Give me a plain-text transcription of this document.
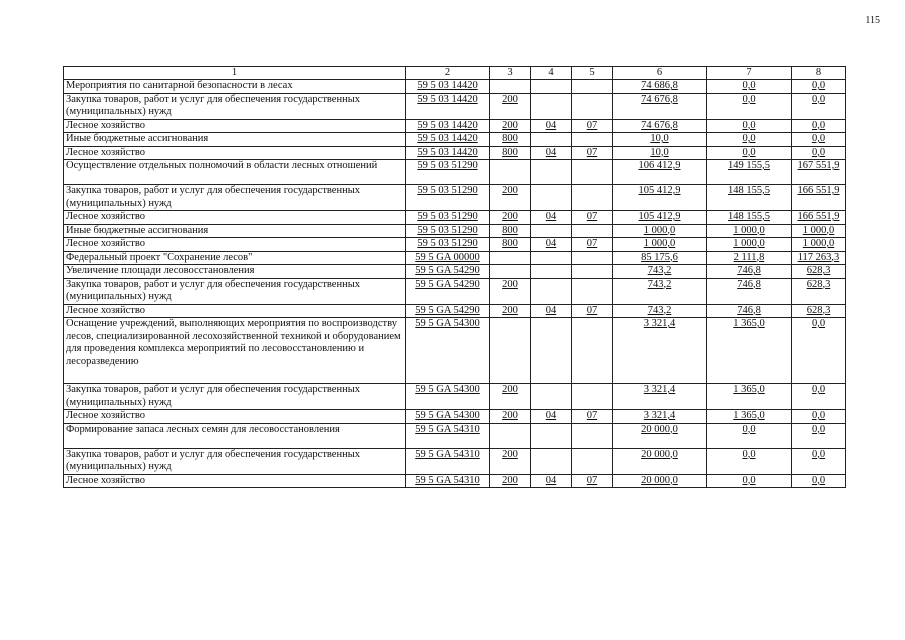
115
1	2	3	4	5	6	7	8
Мероприятия по санитарной безопасности в лесах	59 5 03 14420				74 686,8	0,0	0,0
Закупка товаров, работ и услуг для обеспечения государственных (муниципальных) нужд	59 5 03 14420	200			74 676,8	0,0	0,0
Лесное хозяйство	59 5 03 14420	200	04	07	74 676,8	0,0	0,0
Иные бюджетные ассигнования	59 5 03 14420	800			10,0	0,0	0,0
Лесное хозяйство	59 5 03 14420	800	04	07	10,0	0,0	0,0
Осуществление отдельных полномочий в области лесных отношений	59 5 03 51290				106 412,9	149 155,5	167 551,9
Закупка товаров, работ и услуг для обеспечения государственных (муниципальных) нужд	59 5 03 51290	200			105 412,9	148 155,5	166 551,9
Лесное хозяйство	59 5 03 51290	200	04	07	105 412,9	148 155,5	166 551,9
Иные бюджетные ассигнования	59 5 03 51290	800			1 000,0	1 000,0	1 000,0
Лесное хозяйство	59 5 03 51290	800	04	07	1 000,0	1 000,0	1 000,0
Федеральный проект "Сохранение лесов"	59 5 GA 00000				85 175,6	2 111,8	117 263,3
Увеличение площади лесовосстановления	59 5 GA 54290				743,2	746,8	628,3
Закупка товаров, работ и услуг для обеспечения государственных (муниципальных) нужд	59 5 GA 54290	200			743,2	746,8	628,3
Лесное хозяйство	59 5 GA 54290	200	04	07	743,2	746,8	628,3
Оснащение учреждений, выполняющих мероприятия по воспроизводству лесов, специализированной лесохозяйственной техникой и оборудованием для проведения комплекса мероприятий по лесовосстановлению и лесоразведению	59 5 GA 54300				3 321,4	1 365,0	0,0
Закупка товаров, работ и услуг для обеспечения государственных (муниципальных) нужд	59 5 GA 54300	200			3 321,4	1 365,0	0,0
Лесное хозяйство	59 5 GA 54300	200	04	07	3 321,4	1 365,0	0,0
Формирование запаса лесных семян для лесовосстановления	59 5 GA 54310				20 000,0	0,0	0,0
Закупка товаров, работ и услуг для обеспечения государственных (муниципальных) нужд	59 5 GA 54310	200			20 000,0	0,0	0,0
Лесное хозяйство	59 5 GA 54310	200	04	07	20 000,0	0,0	0,0
